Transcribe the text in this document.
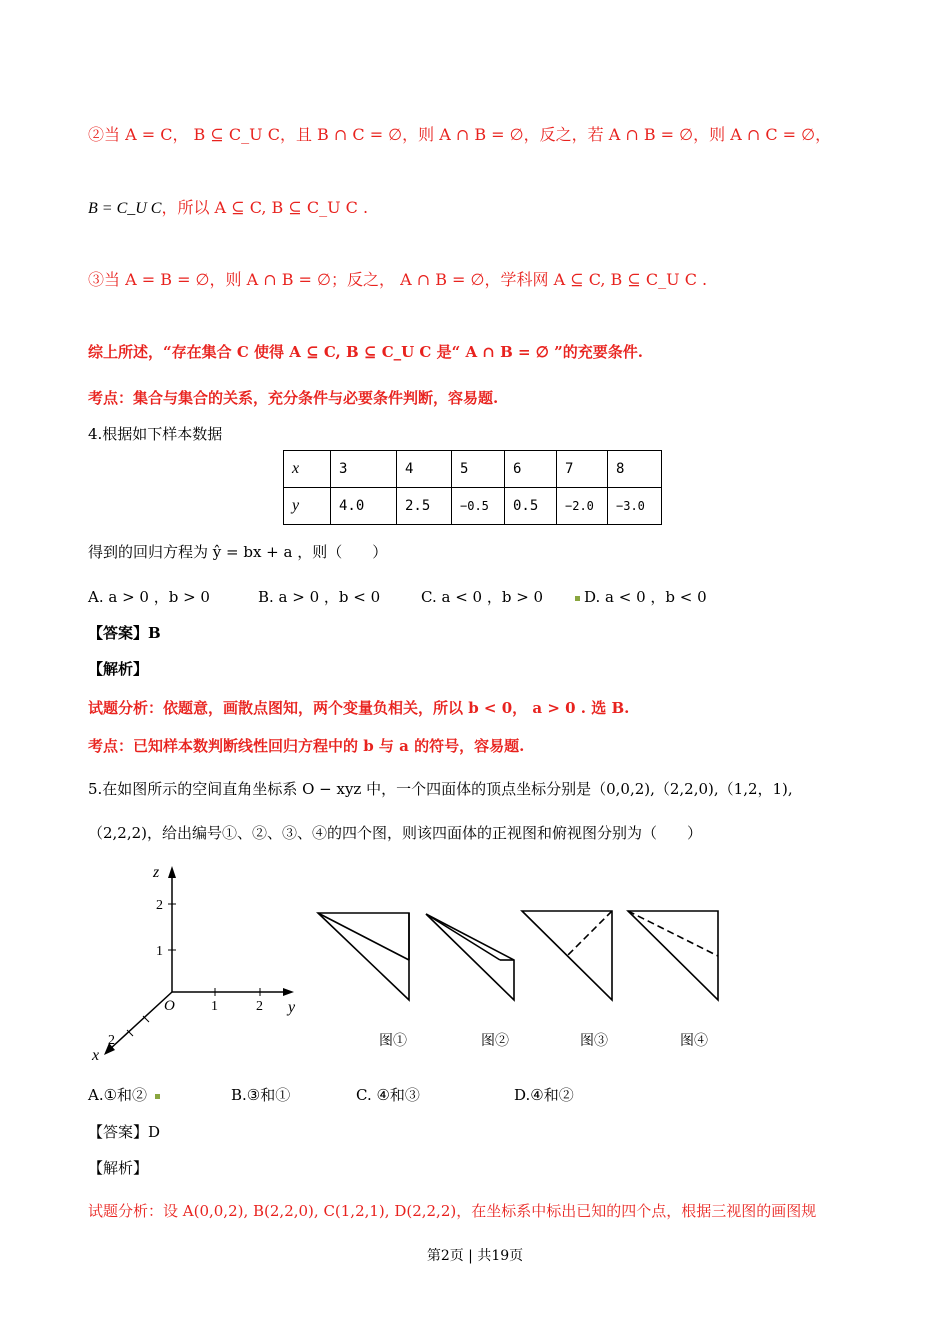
②当 A = C， B ⊆ C_U C，且 B ∩ C = ∅，则 A ∩ B = ∅，反之，若 A ∩ B = ∅，则 A ∩ C = ∅，
B = C_U C，所以 A ⊆ C, B ⊆ C_U C .
③当 A = B = ∅，则 A ∩ B = ∅；反之， A ∩ B = ∅，学科网 A ⊆ C, B ⊆ C_U C .
综上所述，“存在集合 C 使得 A ⊆ C, B ⊆ C_U C 是“ A ∩ B = ∅ ”的充要条件.
考点：集合与集合的关系，充分条件与必要条件判断，容易题.
4.根据如下样本数据
x	3	4	5	6	7	8
y	4.0	2.5	−0.5	0.5	−2.0	−3.0
得到的回归方程为 ŷ = bx + a ，则（　　）
A. a > 0 ，b > 0	B. a > 0 ，b < 0	C. a < 0 ，b > 0	D. a < 0 ，b < 0
【答案】B
【解析】
试题分析：依题意，画散点图知，两个变量负相关，所以 b < 0， a > 0 . 选 B.
考点：已知样本数判断线性回归方程中的 b 与 a 的符号，容易题.
5.在如图所示的空间直角坐标系 O − xyz 中，一个四面体的顶点坐标分别是（0,0,2),（2,2,0),（1,2，1),
（2,2,2)，给出编号①、②、③、④的四个图，则该四面体的正视图和俯视图分别为（　　）
z
2
1
O	1	2 y
2
x
图①	图②	图③	图④
A.①和②	B.③和①	C. ④和③	D.④和②
【答案】D
【解析】
试题分析：设 A(0,0,2), B(2,2,0), C(1,2,1), D(2,2,2)，在坐标系中标出已知的四个点，根据三视图的画图规
第2页 | 共19页
